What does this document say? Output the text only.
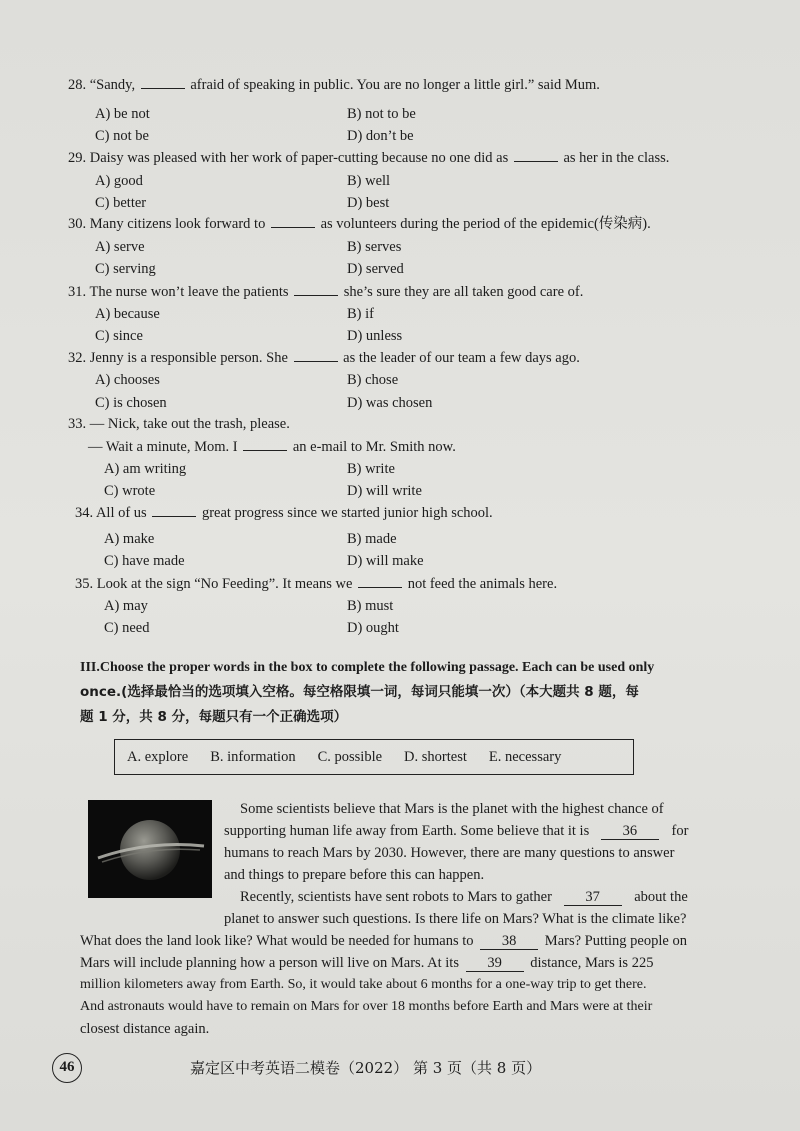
28. “Sandy,	afraid of speaking in public. You are no longer a little girl.” said Mum.
A) be not	B) not to be
C) not be	D) don’t be
29. Daisy was pleased with her work of paper-cutting because no one did as	as her in the class.
A) good	B) well
C) better	D) best
30. Many citizens look forward to	as volunteers during the period of the epidemic(传染病).
A) serve	B) serves
C) serving	D) served
31. The nurse won’t leave the patients	she’s sure they are all taken good care of.
A) because	B) if
C) since	D) unless
32. Jenny is a responsible person. She	as the leader of our team a few days ago.
A) chooses	B) chose
C) is chosen	D) was chosen
33. — Nick, take out the trash, please.
— Wait a minute, Mom. I	an e-mail to Mr. Smith now.
A) am writing	B) write
C) wrote	D) will write
34. All of us	great progress since we started junior high school.
A) make	B) made
C) have made	D) will make
35. Look at the sign “No Feeding”. It means we	not feed the animals here.
A) may	B) must
C) need	D) ought
III.Choose the proper words in the box to complete the following passage. Each can be used only
once.(选择最恰当的选项填入空格。每空格限填一词，每词只能填一次）（本大题共 8 题，每
题 1 分，共 8 分，每题只有一个正确选项）
A. explore B. information C. possible D. shortest E. necessary
Some scientists believe that Mars is the planet with the highest chance of
supporting human life away from Earth. Some believe that it is 36 for
humans to reach Mars by 2030. However, there are many questions to answer
and things to prepare before this can happen.
Recently, scientists have sent robots to Mars to gather 37 about the
planet to answer such questions. Is there life on Mars? What is the climate like?
What does the land look like? What would be needed for humans to 38 Mars? Putting people on
Mars will include planning how a person will live on Mars. At its 39 distance, Mars is 225
million kilometers away from Earth. So, it would take about 6 months for a one-way trip to get there.
And astronauts would have to remain on Mars for over 18 months before Earth and Mars were at their
closest distance again.
46	嘉定区中考英语二模卷（2022） 第 3 页（共 8 页）
